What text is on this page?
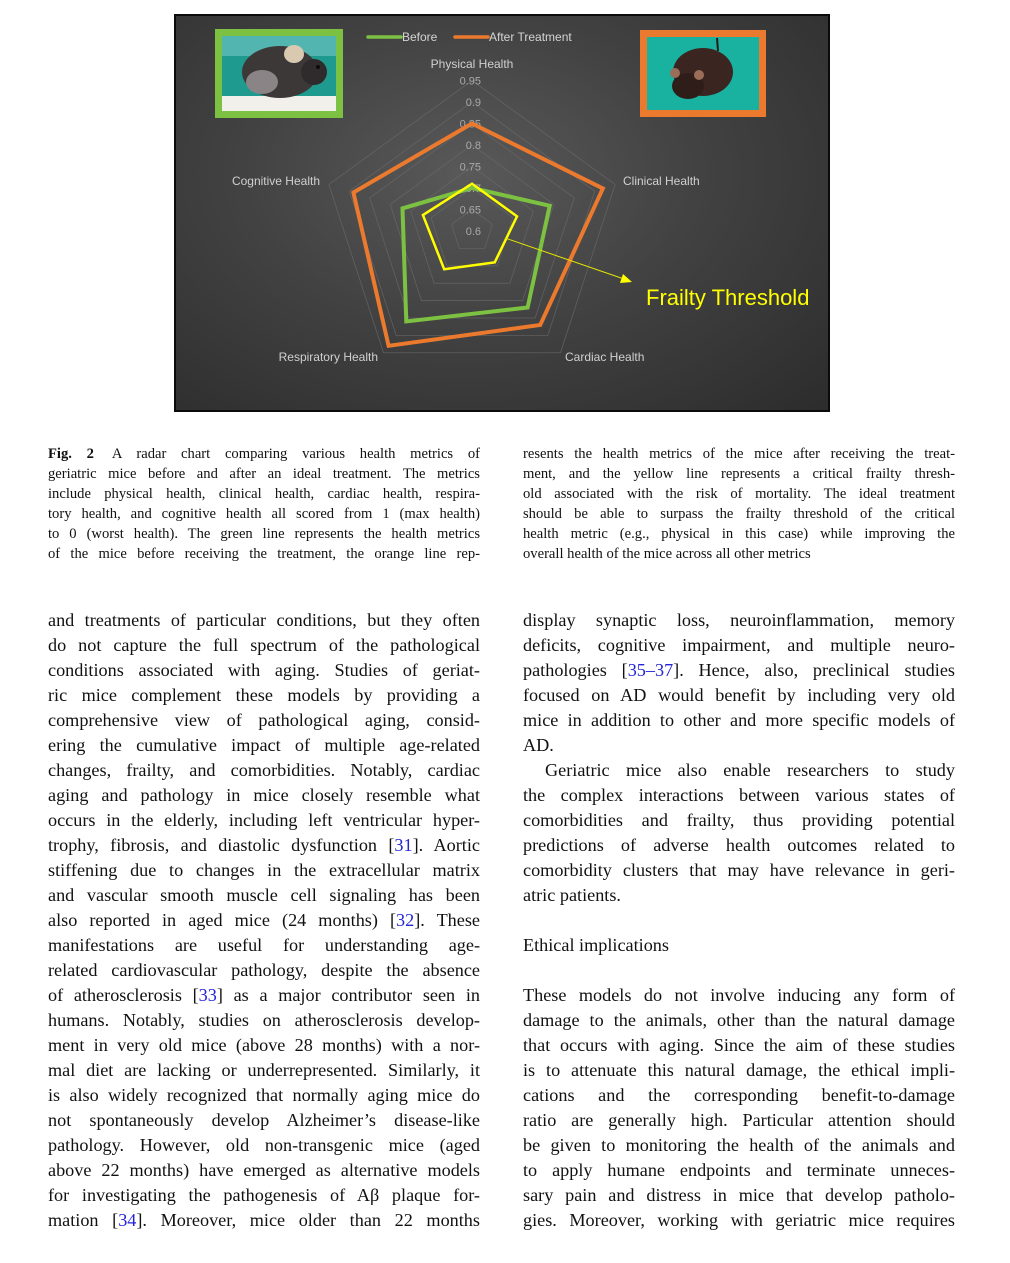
Before	After Treatment
0.6
0.65
0.7
0.75
0.8
0.85
0.9
0.95
Physical Health
Clinical Health
Cardiac Health
Respiratory Health
Cognitive Health
Frailty Threshold
Fig. 2 A radar chart comparing various health metrics of
geriatric mice before and after an ideal treatment. The metrics
include physical health, clinical health, cardiac health, respira-
tory health, and cognitive health all scored from 1 (max health)
to 0 (worst health). The green line represents the health metrics
of the mice before receiving the treatment, the orange line rep-
resents the health metrics of the mice after receiving the treat-
ment, and the yellow line represents a critical frailty thresh-
old associated with the risk of mortality. The ideal treatment
should be able to surpass the frailty threshold of the critical
health metric (e.g., physical in this case) while improving the
overall health of the mice across all other metrics
and treatments of particular conditions, but they often
do not capture the full spectrum of the pathological
conditions associated with aging. Studies of geriat-
ric mice complement these models by providing a
comprehensive view of pathological aging, consid-
ering the cumulative impact of multiple age-related
changes, frailty, and comorbidities. Notably, cardiac
aging and pathology in mice closely resemble what
occurs in the elderly, including left ventricular hyper-
trophy, fibrosis, and diastolic dysfunction [31]. Aortic
stiffening due to changes in the extracellular matrix
and vascular smooth muscle cell signaling has been
also reported in aged mice (24 months) [32]. These
manifestations are useful for understanding age-
related cardiovascular pathology, despite the absence
of atherosclerosis [33] as a major contributor seen in
humans. Notably, studies on atherosclerosis develop-
ment in very old mice (above 28 months) with a nor-
mal diet are lacking or underrepresented. Similarly, it
is also widely recognized that normally aging mice do
not spontaneously develop Alzheimer’s disease-like
pathology. However, old non-transgenic mice (aged
above 22 months) have emerged as alternative models
for investigating the pathogenesis of Aβ plaque for-
mation [34]. Moreover, mice older than 22 months
display synaptic loss, neuroinflammation, memory
deficits, cognitive impairment, and multiple neuro-
pathologies [35–37]. Hence, also, preclinical studies
focused on AD would benefit by including very old
mice in addition to other and more specific models of
AD.
Geriatric mice also enable researchers to study
the complex interactions between various states of
comorbidities and frailty, thus providing potential
predictions of adverse health outcomes related to
comorbidity clusters that may have relevance in geri-
atric patients.
Ethical implications
These models do not involve inducing any form of
damage to the animals, other than the natural damage
that occurs with aging. Since the aim of these studies
is to attenuate this natural damage, the ethical impli-
cations and the corresponding benefit-to-damage
ratio are generally high. Particular attention should
be given to monitoring the health of the animals and
to apply humane endpoints and terminate unneces-
sary pain and distress in mice that develop patholo-
gies. Moreover, working with geriatric mice requires
